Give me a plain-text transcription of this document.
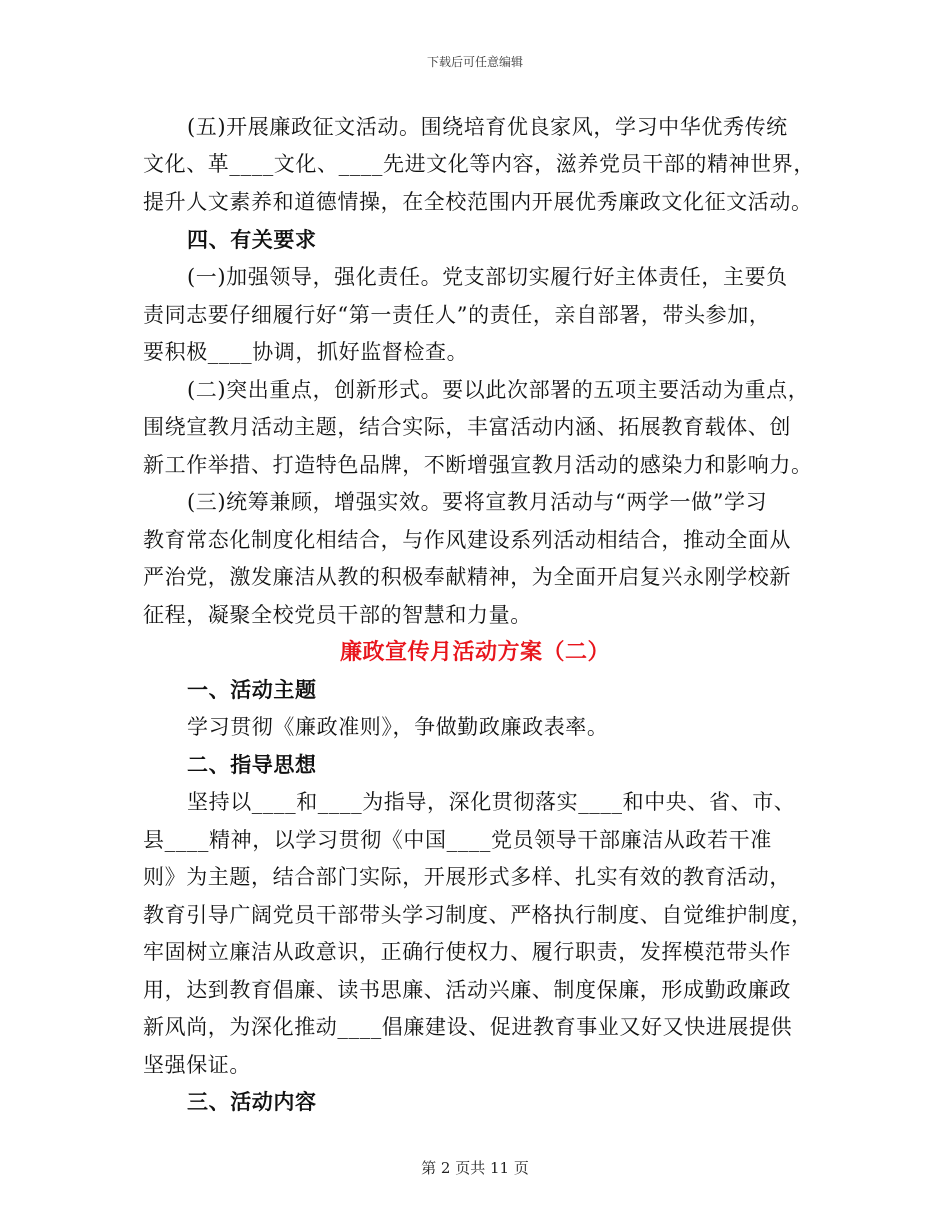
下载后可任意编辑
(五)开展廉政征文活动。围绕培育优良家风，学习中华优秀传统
文化、革____文化、____先进文化等内容，滋养党员干部的精神世界，
提升人文素养和道德情操，在全校范围内开展优秀廉政文化征文活动。
四、有关要求
(一)加强领导，强化责任。党支部切实履行好主体责任，主要负
责同志要仔细履行好“第一责任人”的责任，亲自部署，带头参加，
要积极____协调，抓好监督检查。
(二)突出重点，创新形式。要以此次部署的五项主要活动为重点，
围绕宣教月活动主题，结合实际，丰富活动内涵、拓展教育载体、创
新工作举措、打造特色品牌，不断增强宣教月活动的感染力和影响力。
(三)统筹兼顾，增强实效。要将宣教月活动与“两学一做”学习
教育常态化制度化相结合，与作风建设系列活动相结合，推动全面从
严治党，激发廉洁从教的积极奉献精神，为全面开启复兴永刚学校新
征程，凝聚全校党员干部的智慧和力量。
廉政宣传月活动方案（二）
一、活动主题
学习贯彻《廉政准则》，争做勤政廉政表率。
二、指导思想
坚持以____和____为指导，深化贯彻落实____和中央、省、市、
县____精神，以学习贯彻《中国____党员领导干部廉洁从政若干准
则》为主题，结合部门实际，开展形式多样、扎实有效的教育活动，
教育引导广阔党员干部带头学习制度、严格执行制度、自觉维护制度，
牢固树立廉洁从政意识，正确行使权力、履行职责，发挥模范带头作
用，达到教育倡廉、读书思廉、活动兴廉、制度保廉，形成勤政廉政
新风尚，为深化推动____倡廉建设、促进教育事业又好又快进展提供
坚强保证。
三、活动内容
第 2 页共 11 页
